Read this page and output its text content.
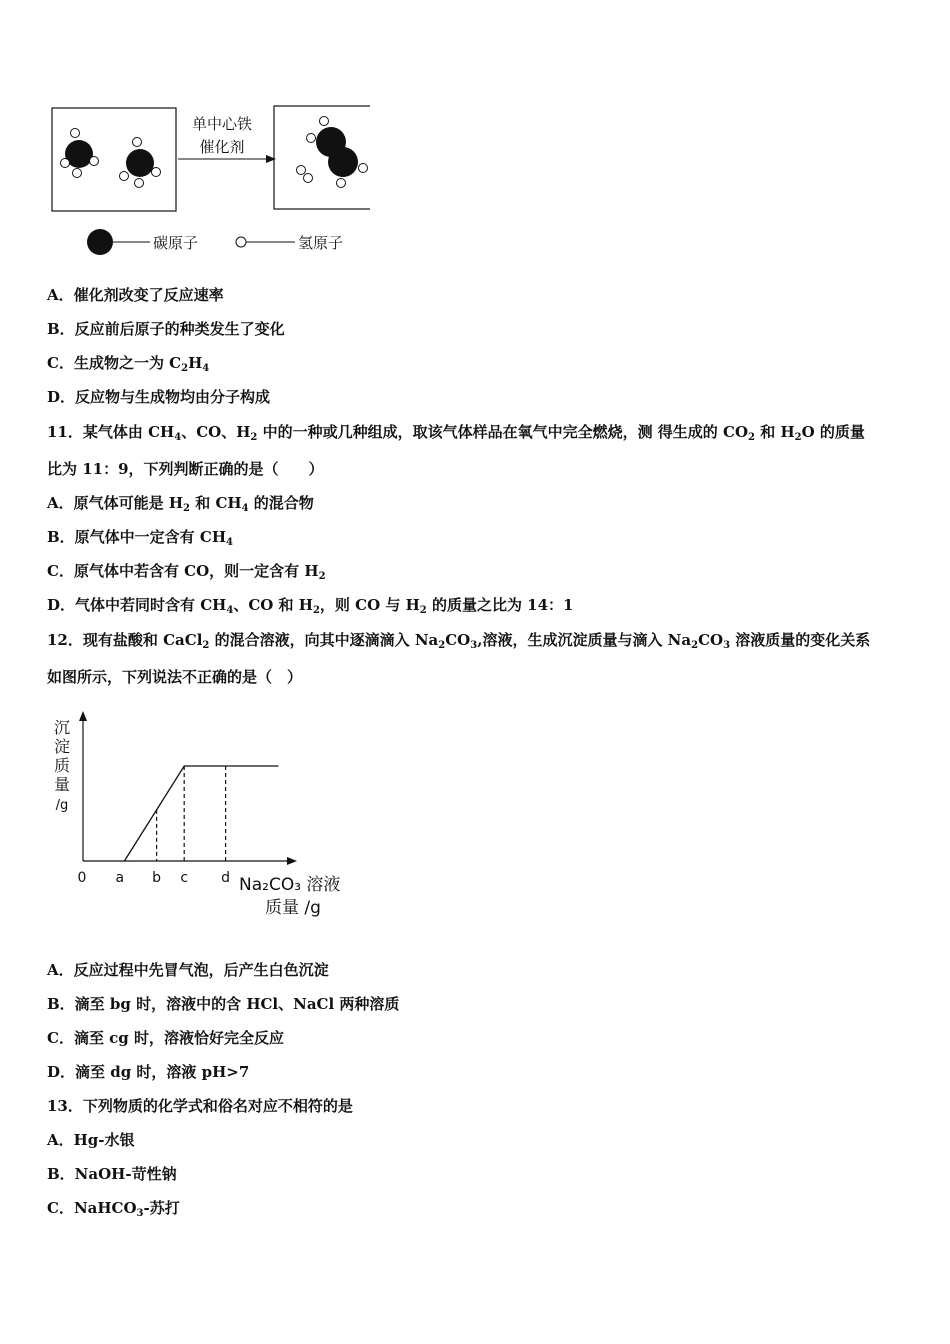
单中心铁
催化剂
碳原子	氢原子
A．催化剂改变了反应速率
B．反应前后原子的种类发生了变化
C．生成物之一为 $C_2H_4$
D．反应物与生成物均由分子构成
11．某气体由 $CH_4$、CO、$H_2$ 中的一种或几种组成，取该气体样品在氧气中完全燃烧，测 得生成的 $CO_2$ 和 $H_2O$ 的质量
比为 11：9，下列判断正确的是（　　）
A．原气体可能是 $H_2$ 和 $CH_4$ 的混合物
B．原气体中一定含有 $CH_4$
C．原气体中若含有 CO，则一定含有 $H_2$
D．气体中若同时含有 $CH_4$、CO 和 $H_2$，则 CO 与 $H_2$ 的质量之比为 14：1
12．现有盐酸和 CaCl$_2$ 的混合溶液，向其中逐滴滴入 $Na_2CO_3$,溶液，生成沉淀质量与滴入 $Na_2CO_3$ 溶液质量的变化关系
如图所示，下列说法不正确的是（　）
沉
淀
质
量
/g
0 a b c d Na₂CO₃ 溶液
质量 /g
A．反应过程中先冒气泡，后产生白色沉淀
B．滴至 bg 时，溶液中的含 HCl、NaCl 两种溶质
C．滴至 cg 时，溶液恰好完全反应
D．滴至 dg 时，溶液 pH>7
13．下列物质的化学式和俗名对应不相符的是
A．Hg-水银
B．NaOH-苛性钠
C．NaHCO$_3$-苏打
